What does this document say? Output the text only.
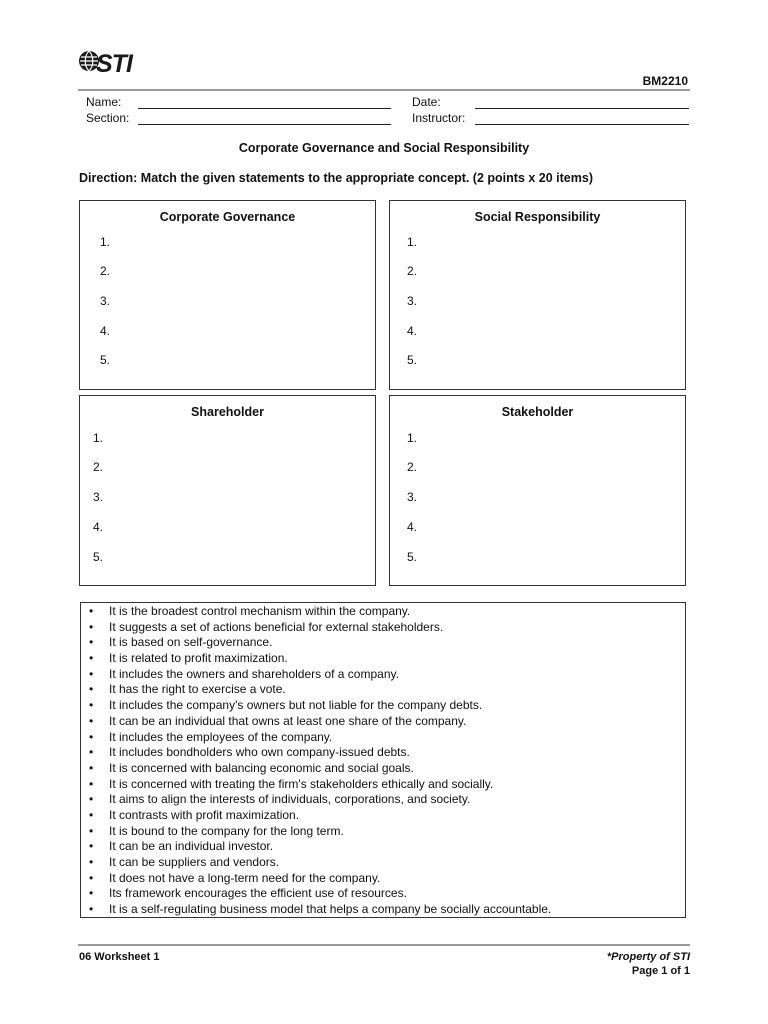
STI
BM2210
Name:
Section:
Date:
Instructor:
Corporate Governance and Social Responsibility
Direction: Match the given statements to the appropriate concept. (2 points x 20 items)
Corporate Governance
1.
2.
3.
4.
5.
Social Responsibility
1.
2.
3.
4.
5.
Shareholder
1.
2.
3.
4.
5.
Stakeholder
1.
2.
3.
4.
5.
• It is the broadest control mechanism within the company.
• It suggests a set of actions beneficial for external stakeholders.
• It is based on self-governance.
• It is related to profit maximization.
• It includes the owners and shareholders of a company.
• It has the right to exercise a vote.
• It includes the company's owners but not liable for the company debts.
• It can be an individual that owns at least one share of the company.
• It includes the employees of the company.
• It includes bondholders who own company-issued debts.
• It is concerned with balancing economic and social goals.
• It is concerned with treating the firm's stakeholders ethically and socially.
• It aims to align the interests of individuals, corporations, and society.
• It contrasts with profit maximization.
• It is bound to the company for the long term.
• It can be an individual investor.
• It can be suppliers and vendors.
• It does not have a long-term need for the company.
• Its framework encourages the efficient use of resources.
• It is a self-regulating business model that helps a company be socially accountable.
06 Worksheet 1	*Property of STI
Page 1 of 1
